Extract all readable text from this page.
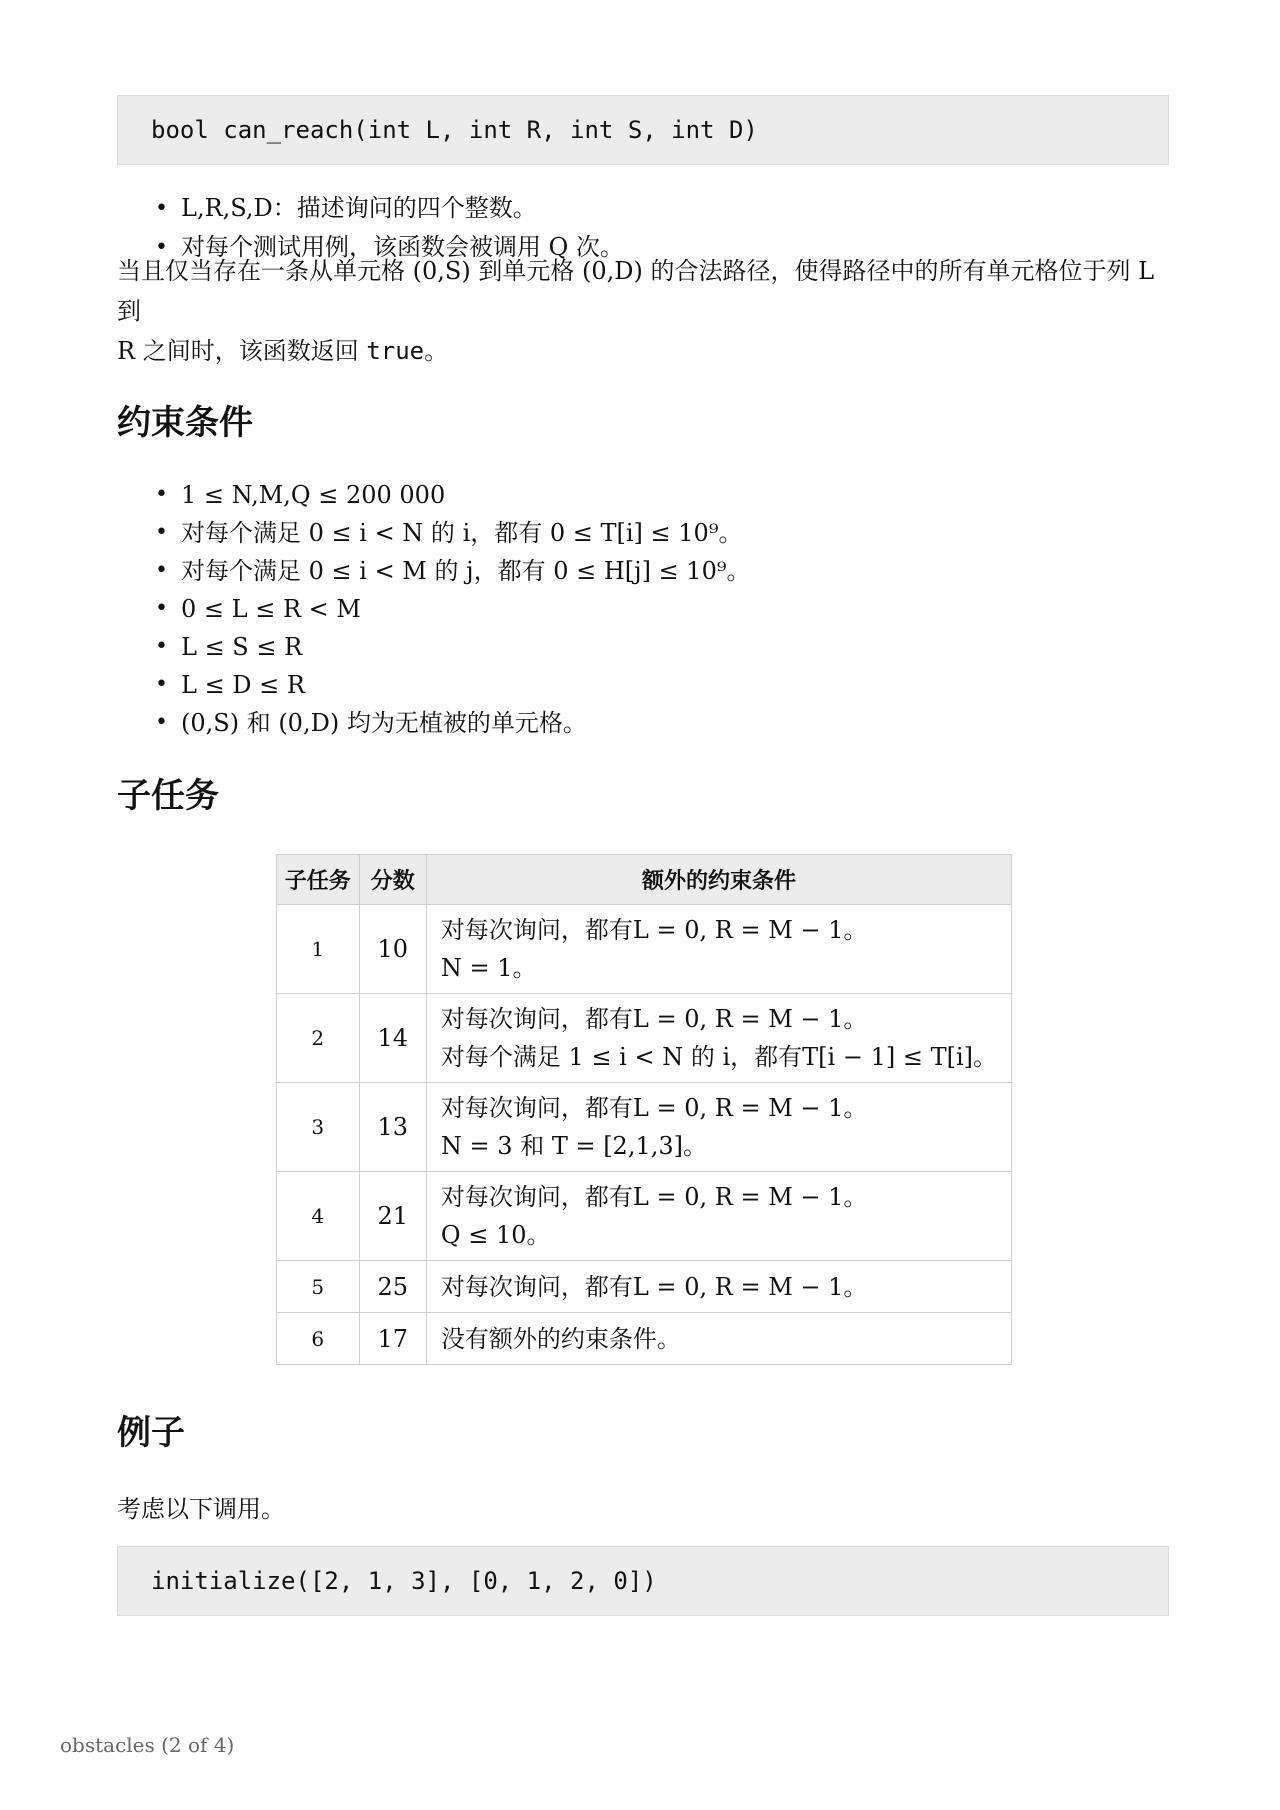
bool can_reach(int L, int R, int S, int D)
• L,R,S,D：描述询问的四个整数。
• 对每个测试用例，该函数会被调用 Q 次。
当且仅当存在一条从单元格 (0,S) 到单元格 (0,D) 的合法路径，使得路径中的所有单元格位于列 L 到
R 之间时，该函数返回 true。
约束条件
• 1 ≤ N,M,Q ≤ 200 000
• 对每个满足 0 ≤ i < N 的 i，都有 0 ≤ T[i] ≤ 10⁹。
• 对每个满足 0 ≤ i < M 的 j，都有 0 ≤ H[j] ≤ 10⁹。
• 0 ≤ L ≤ R < M
• L ≤ S ≤ R
• L ≤ D ≤ R
• (0,S) 和 (0,D) 均为无植被的单元格。
子任务
子任务	分数	额外的约束条件
1	10	对每次询问，都有L = 0, R = M − 1。
N = 1。

2	14	对每次询问，都有L = 0, R = M − 1。
对每个满足 1 ≤ i < N 的 i，都有T[i − 1] ≤ T[i]。

3	13	对每次询问，都有L = 0, R = M − 1。
N = 3 和 T = [2,1,3]。

4	21	对每次询问，都有L = 0, R = M − 1。
Q ≤ 10。

5	25	对每次询问，都有L = 0, R = M − 1。

6	17	没有额外的约束条件。
例子
考虑以下调用。
initialize([2, 1, 3], [0, 1, 2, 0])
obstacles (2 of 4)
